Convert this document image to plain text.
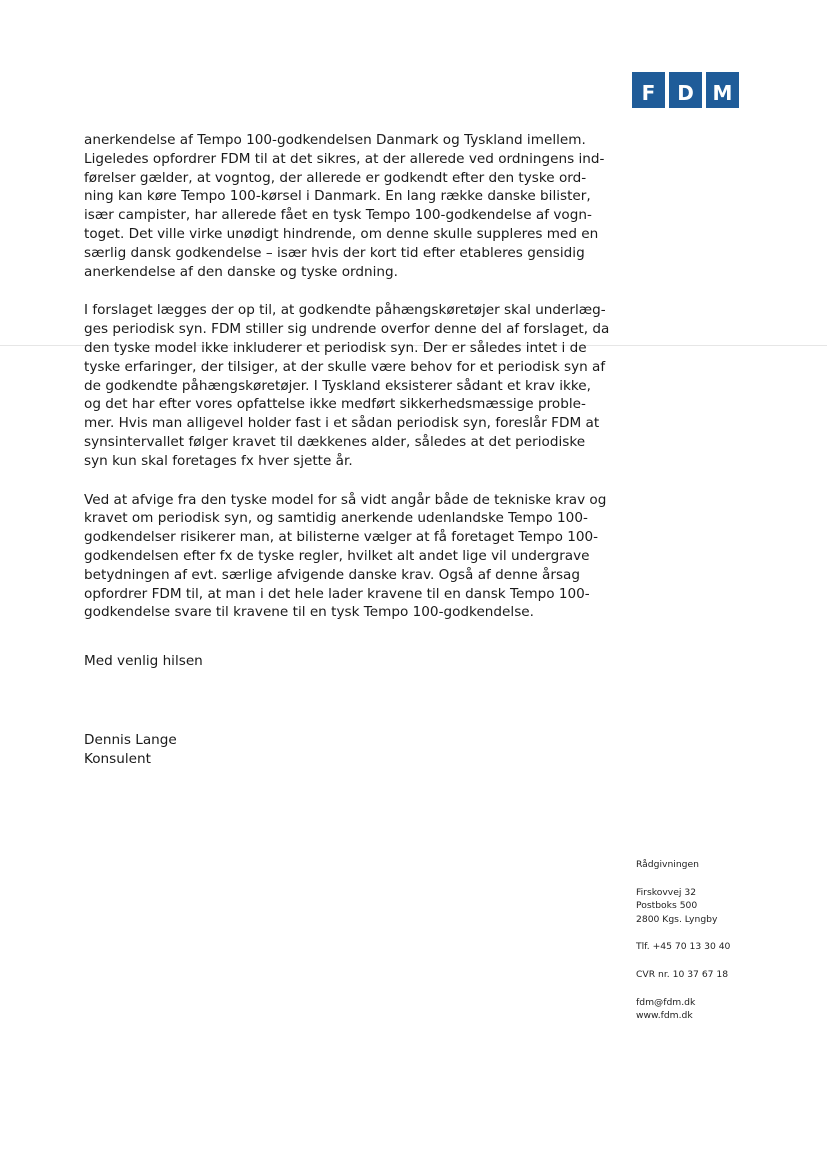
F	D M

anerkendelse af Tempo 100-godkendelsen Danmark og Tyskland imellem.

Ligeledes opfordrer FDM til at det sikres, at der allerede ved ordningens ind-

førelser gælder, at vogntog, der allerede er godkendt efter den tyske ord-

ning kan køre Tempo 100-kørsel i Danmark. En lang række danske bilister,

især campister, har allerede fået en tysk Tempo 100-godkendelse af vogn-

toget. Det ville virke unødigt hindrende, om denne skulle suppleres med en

særlig dansk godkendelse – især hvis der kort tid efter etableres gensidig

anerkendelse af den danske og tyske ordning.

I forslaget lægges der op til, at godkendte påhængskøretøjer skal underlæg-

ges periodisk syn. FDM stiller sig undrende overfor denne del af forslaget, da

den tyske model ikke inkluderer et periodisk syn. Der er således intet i de

tyske erfaringer, der tilsiger, at der skulle være behov for et periodisk syn af

de godkendte påhængskøretøjer. I Tyskland eksisterer sådant et krav ikke,

og det har efter vores opfattelse ikke medført sikkerhedsmæssige proble-

mer. Hvis man alligevel holder fast i et sådan periodisk syn, foreslår FDM at

synsintervallet følger kravet til dækkenes alder, således at det periodiske

syn kun skal foretages fx hver sjette år.

Ved at afvige fra den tyske model for så vidt angår både de tekniske krav og

kravet om periodisk syn, og samtidig anerkende udenlandske Tempo 100-

godkendelser risikerer man, at bilisterne vælger at få foretaget Tempo 100-

godkendelsen efter fx de tyske regler, hvilket alt andet lige vil undergrave

betydningen af evt. særlige afvigende danske krav. Også af denne årsag

opfordrer FDM til, at man i det hele lader kravene til en dansk Tempo 100-

godkendelse svare til kravene til en tysk Tempo 100-godkendelse.

Med venlig hilsen
Dennis Lange
Konsulent
Rådgivningen
Firskovvej 32
Postboks 500
2800 Kgs. Lyngby
Tlf. +45 70 13 30 40
CVR nr. 10 37 67 18
fdm@fdm.dk
www.fdm.dk
